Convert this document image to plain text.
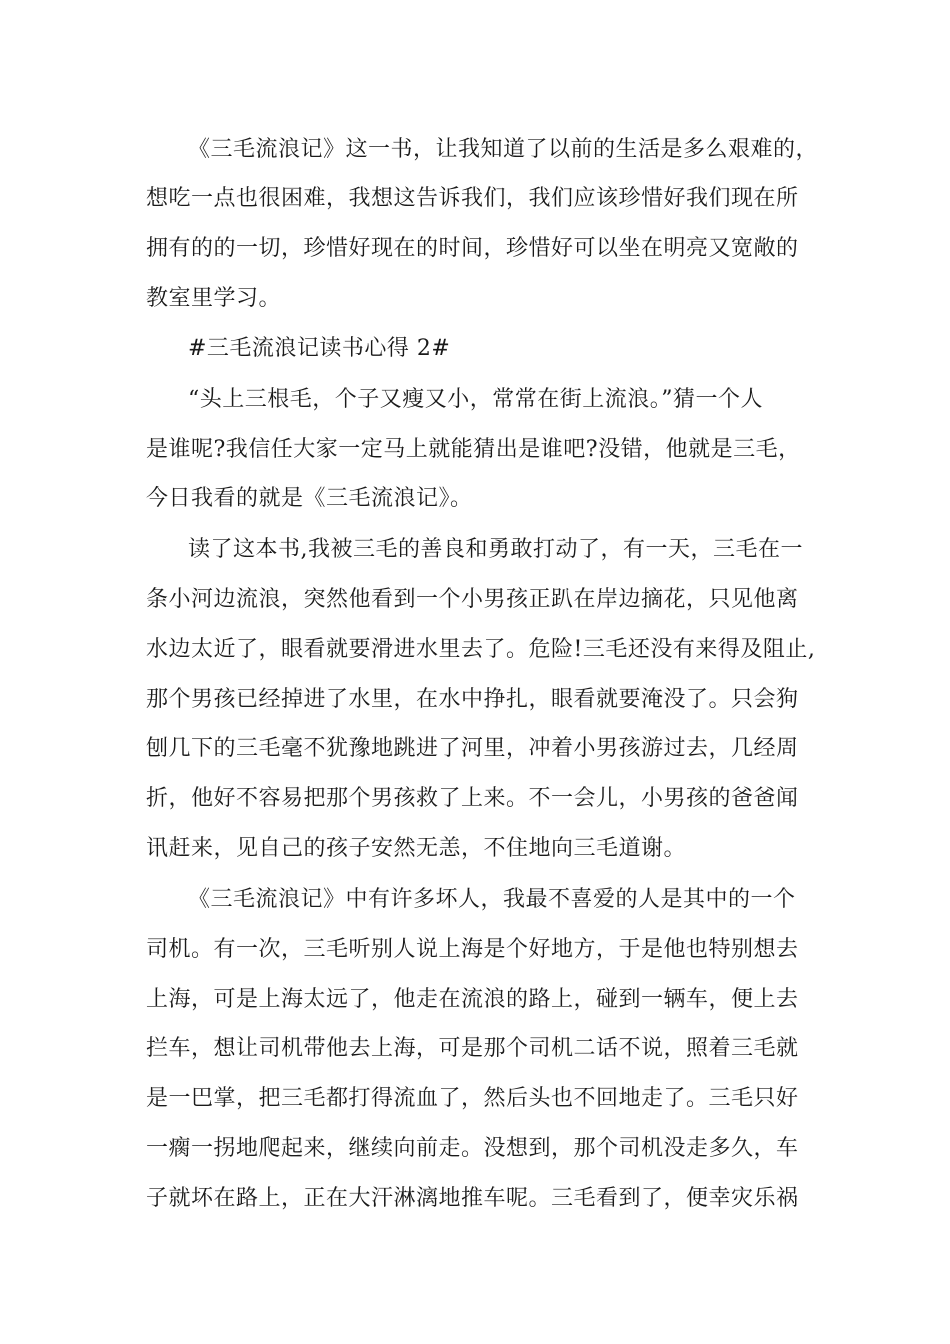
《三毛流浪记》这一书，让我知道了以前的生活是多么艰难的，
想吃一点也很困难，我想这告诉我们，我们应该珍惜好我们现在所
拥有的的一切，珍惜好现在的时间，珍惜好可以坐在明亮又宽敞的
教室里学习。
#三毛流浪记读书心得 2#
“头上三根毛，个子又瘦又小，常常在街上流浪。”猜一个人
是谁呢?我信任大家一定马上就能猜出是谁吧?没错，他就是三毛，
今日我看的就是《三毛流浪记》。
读了这本书,我被三毛的善良和勇敢打动了，有一天，三毛在一
条小河边流浪，突然他看到一个小男孩正趴在岸边摘花，只见他离
水边太近了，眼看就要滑进水里去了。危险!三毛还没有来得及阻止,
那个男孩已经掉进了水里，在水中挣扎，眼看就要淹没了。只会狗
刨几下的三毛毫不犹豫地跳进了河里，冲着小男孩游过去，几经周
折，他好不容易把那个男孩救了上来。不一会儿，小男孩的爸爸闻
讯赶来，见自己的孩子安然无恙，不住地向三毛道谢。
《三毛流浪记》中有许多坏人，我最不喜爱的人是其中的一个
司机。有一次，三毛听别人说上海是个好地方，于是他也特别想去
上海，可是上海太远了，他走在流浪的路上，碰到一辆车，便上去
拦车，想让司机带他去上海，可是那个司机二话不说，照着三毛就
是一巴掌，把三毛都打得流血了，然后头也不回地走了。三毛只好
一瘸一拐地爬起来，继续向前走。没想到，那个司机没走多久，车
子就坏在路上，正在大汗淋漓地推车呢。三毛看到了，便幸灾乐祸
